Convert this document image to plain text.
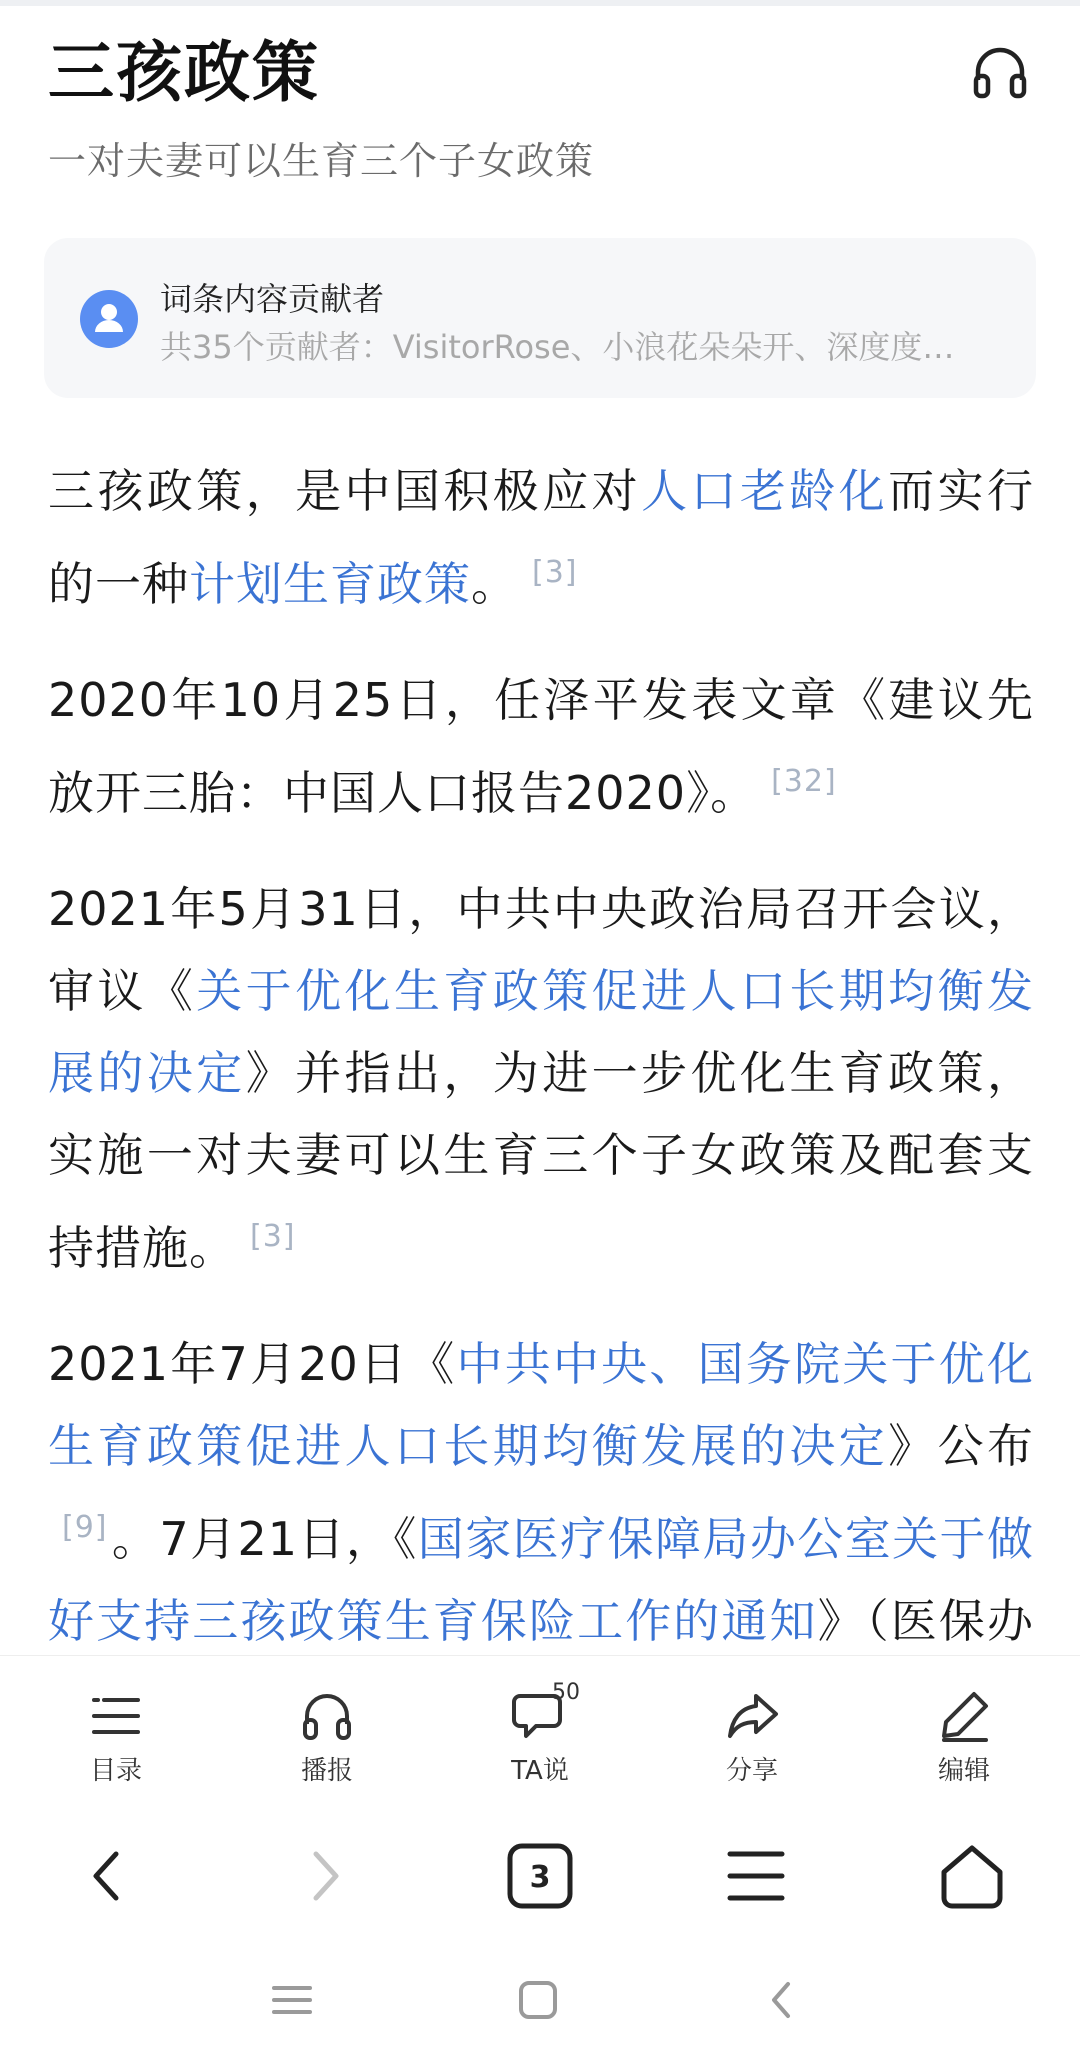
三孩政策
一对夫妻可以生育三个子女政策
词条内容贡献者
共35个贡献者：VisitorRose、小浪花朵朵开、深度度…

三孩政策，是中国积极应对人口老龄化而实行的一种计划生育政策。 [3]

2020年10月25日，任泽平发表文章《建议先放开三胎：中国人口报告2020》。 [32]

2021年5月31日，中共中央政治局召开会议，审议《关于优化生育政策促进人口长期均衡发展的决定》并指出，为进一步优化生育政策，实施一对夫妻可以生育三个子女政策及配套支持措施。 [3]

2021年7月20日《中共中央、国务院关于优化生育政策促进人口长期均衡发展的决定》公布[9]。7月21日，《国家医疗保障局办公室关于做好支持三孩政策生育保险工作的通知》（医保办

目录	播报
50
TA说	分享	编辑
3
